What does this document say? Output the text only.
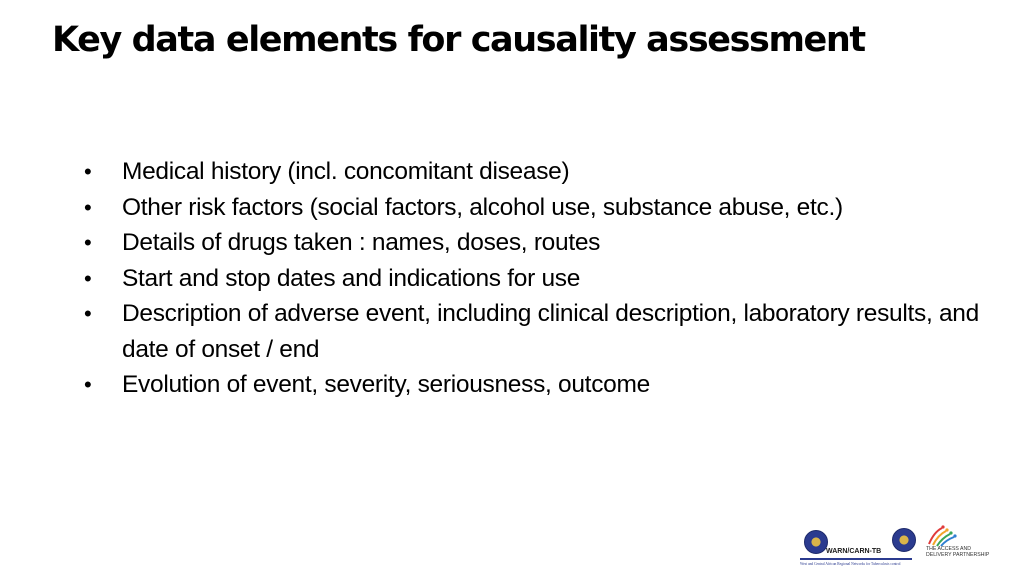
Key data elements for causality assessment
• Medical history (incl. concomitant disease)
• Other risk factors (social factors, alcohol use, substance abuse, etc.)
• Details of drugs taken : names, doses, routes
• Start and stop dates and indications for use
• Description of adverse event, including clinical description, laboratory results, and date of onset / end
• Evolution of event, severity, seriousness, outcome
WARN/CARN-TB
West and Central African Regional Networks for Tuberculosis control
THE ACCESS AND
DELIVERY PARTNERSHIP
